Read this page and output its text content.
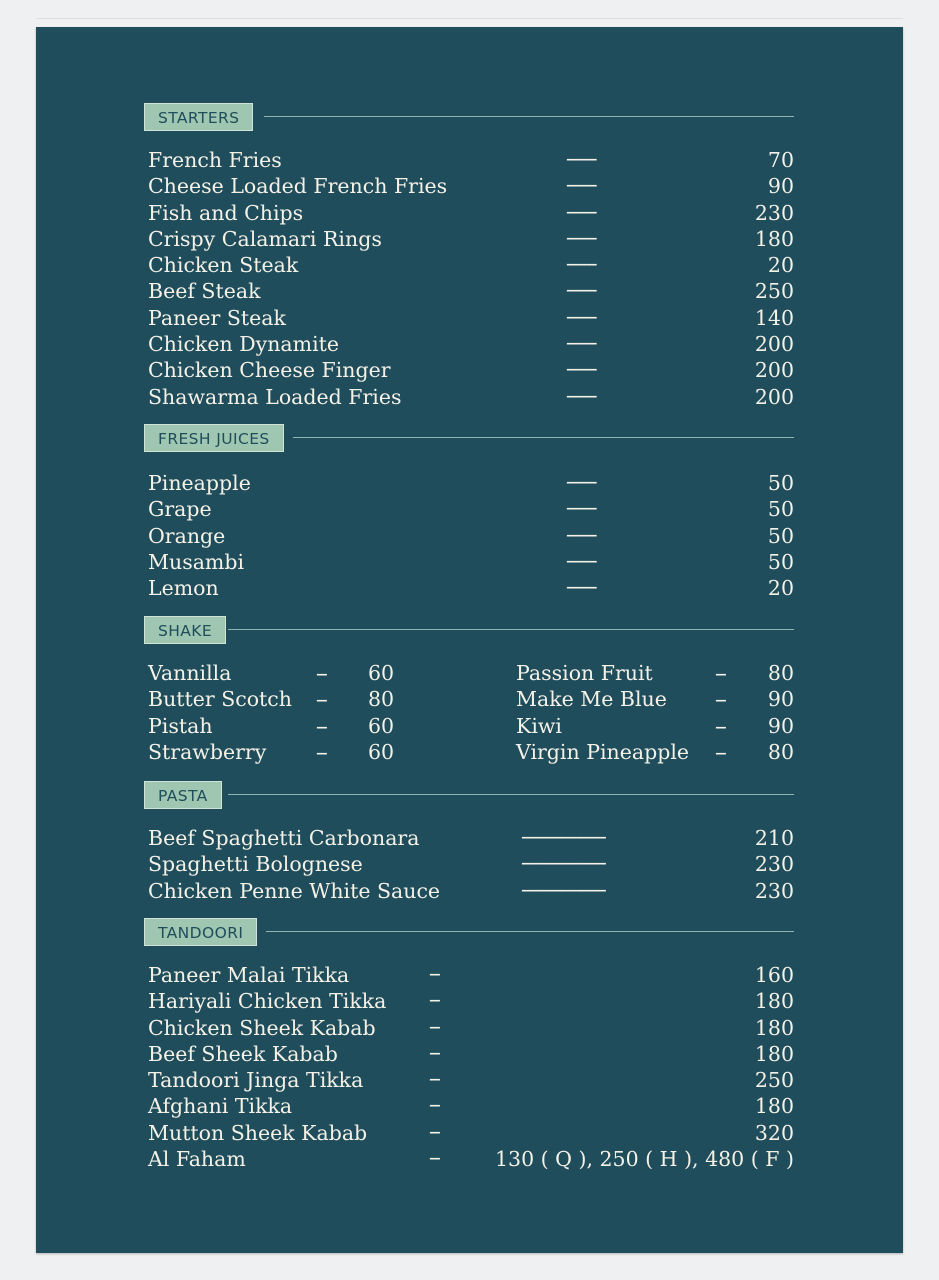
STARTERS
French Fries	------	70
Cheese Loaded French Fries	------	90
Fish and Chips	------	230
Crispy Calamari Rings	------	180
Chicken Steak	------	20
Beef Steak	------	250
Paneer Steak	------	140
Chicken Dynamite	------	200
Chicken Cheese Finger	------	200
Shawarma Loaded Fries	------	200
FRESH JUICES
Pineapple	------	50
Grape	------	50
Orange	------	50
Musambi	------	50
Lemon	------	20
SHAKE
Vannilla	-- 60	Passion Fruit	-- 80
Butter Scotch -- 80	Make Me Blue -- 90
Pistah	-- 60	Kiwi	-- 90
Strawberry -- 60	Virgin Pineapple -- 80
PASTA
Beef Spaghetti Carbonara	-----------------	210
Spaghetti Bolognese	-----------------	230
Chicken Penne White Sauce	-----------------	230
TANDOORI
Paneer Malai Tikka	--	160
Hariyali Chicken Tikka --	180
Chicken Sheek Kabab	--	180
Beef Sheek Kabab	--	180
Tandoori Jinga Tikka	--	250
Afghani Tikka	--	180
Mutton Sheek Kabab	--	320
Al Faham	--	130 ( Q ), 250 ( H ), 480 ( F )
